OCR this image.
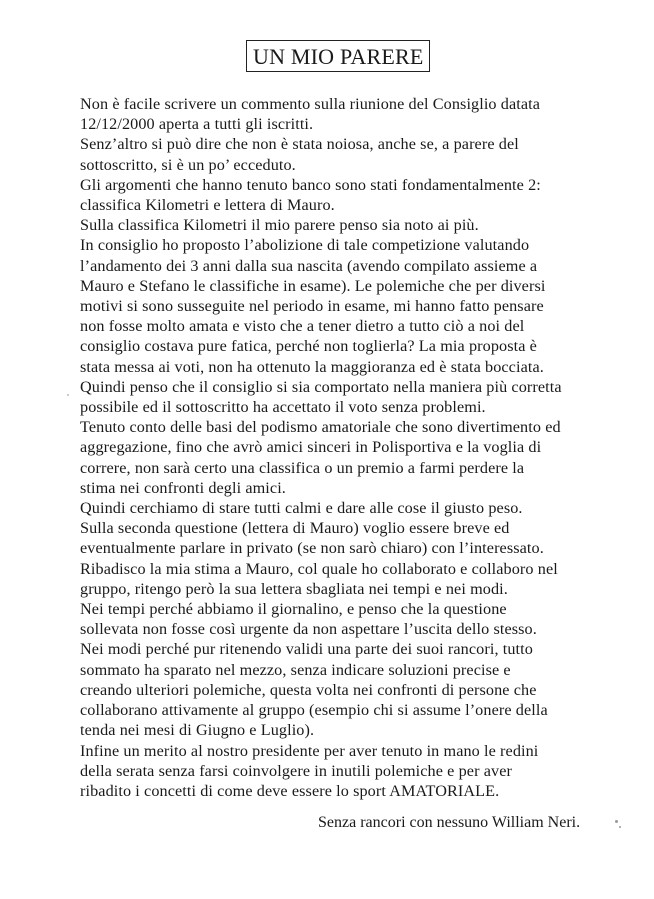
UN MIO PARERE
Non è facile scrivere un commento sulla riunione del Consiglio datata
12/12/2000 aperta a tutti gli iscritti.
Senz’altro si può dire che non è stata noiosa, anche se, a parere del
sottoscritto, si è un po’ ecceduto.
Gli argomenti che hanno tenuto banco sono stati fondamentalmente 2:
classifica Kilometri e lettera di Mauro.
Sulla classifica Kilometri il mio parere penso sia noto ai più.
In consiglio ho proposto l’abolizione di tale competizione valutando
l’andamento dei 3 anni dalla sua nascita (avendo compilato assieme a
Mauro e Stefano le classifiche in esame). Le polemiche che per diversi
motivi si sono susseguite nel periodo in esame, mi hanno fatto pensare
non fosse molto amata e visto che a tener dietro a tutto ciò a noi del
consiglio costava pure fatica, perché non toglierla? La mia proposta è
stata messa ai voti, non ha ottenuto la maggioranza ed è stata bocciata.
Quindi penso che il consiglio si sia comportato nella maniera più corretta
possibile ed il sottoscritto ha accettato il voto senza problemi.
Tenuto conto delle basi del podismo amatoriale che sono divertimento ed
aggregazione, fino che avrò amici sinceri in Polisportiva e la voglia di
correre, non sarà certo una classifica o un premio a farmi perdere la
stima nei confronti degli amici.
Quindi cerchiamo di stare tutti calmi e dare alle cose il giusto peso.
Sulla seconda questione (lettera di Mauro) voglio essere breve ed
eventualmente parlare in privato (se non sarò chiaro) con l’interessato.
Ribadisco la mia stima a Mauro, col quale ho collaborato e collaboro nel
gruppo, ritengo però la sua lettera sbagliata nei tempi e nei modi.
Nei tempi perché abbiamo il giornalino, e penso che la questione
sollevata non fosse così urgente da non aspettare l’uscita dello stesso.
Nei modi perché pur ritenendo validi una parte dei suoi rancori, tutto
sommato ha sparato nel mezzo, senza indicare soluzioni precise e
creando ulteriori polemiche, questa volta nei confronti di persone che
collaborano attivamente al gruppo (esempio chi si assume l’onere della
tenda nei mesi di Giugno e Luglio).
Infine un merito al nostro presidente per aver tenuto in mano le redini
della serata senza farsi coinvolgere in inutili polemiche e per aver
ribadito i concetti di come deve essere lo sport AMATORIALE.
Senza rancori con nessuno William Neri.
